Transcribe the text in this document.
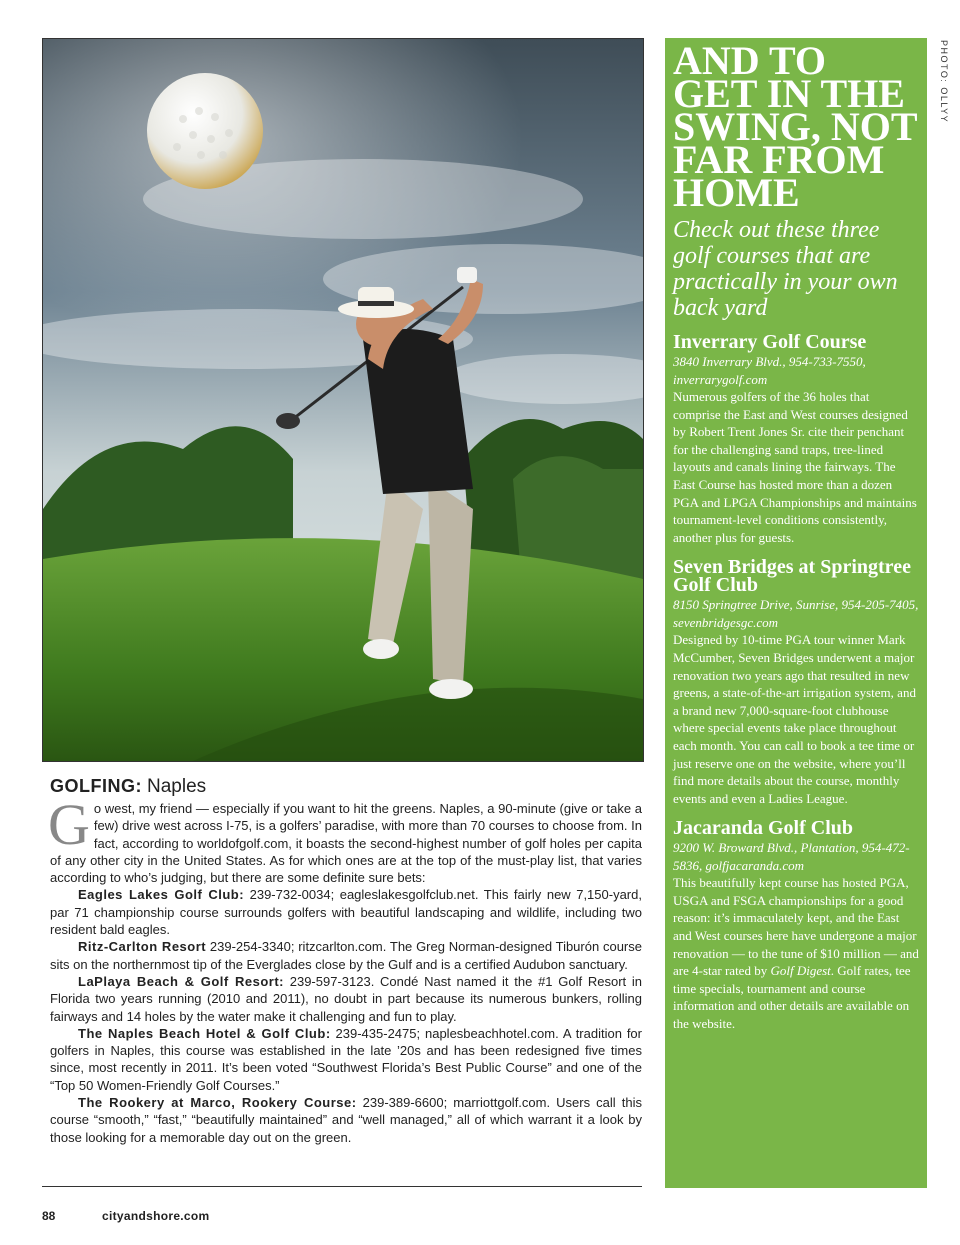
PHOTO: OLLYY
AND TO GET IN THE SWING, NOT FAR FROM HOME

Check out these three golf courses that are practically in your own back yard

Inverrary Golf Course

3840 Inverrary Blvd., 954-733-7550, inverrarygolf.com

Numerous golfers of the 36 holes that comprise the East and West courses designed by Robert Trent Jones Sr. cite their penchant for the challenging sand traps, tree-lined layouts and canals lining the fairways. The East Course has hosted more than a dozen PGA and LPGA Championships and maintains tournament-level conditions consistently, another plus for guests.

Seven Bridges at Springtree Golf Club

8150 Springtree Drive, Sunrise, 954-205-7405, sevenbridgesgc.com

Designed by 10-time PGA tour winner Mark McCumber, Seven Bridges underwent a major renovation two years ago that resulted in new greens, a state-of-the-art irrigation system, and a brand new 7,000-square-foot clubhouse where special events take place throughout each month. You can call to book a tee time or just reserve one on the website, where you’ll find more details about the course, monthly events and even a Ladies League.

Jacaranda Golf Club

9200 W. Broward Blvd., Plantation, 954-472-5836, golfjacaranda.com

This beautifully kept course has hosted PGA, USGA and FSGA championships for a good reason: it’s immaculately kept, and the East and West courses here have undergone a major renovation — to the tune of $10 million — and are 4-star rated by Golf Digest. Golf rates, tee time specials, tournament and course information and other details are available on the website.

GOLFING: Naples

Go west, my friend — especially if you want to hit the greens. Naples, a 90-minute (give or take a few) drive west across I-75, is a golfers’ paradise, with more than 70 courses to choose from. In fact, according to worldofgolf.com, it boasts the second-highest number of golf holes per capita of any other city in the United States. As for which ones are at the top of the must-play list, that varies according to who’s judging, but there are some definite sure bets:

Eagles Lakes Golf Club: 239-732-0034; eagleslakesgolfclub.net. This fairly new 7,150-yard, par 71 championship course surrounds golfers with beautiful landscaping and wildlife, including two resident bald eagles.

Ritz-Carlton Resort 239-254-3340; ritzcarlton.com. The Greg Norman-designed Tiburón course sits on the northernmost tip of the Everglades close by the Gulf and is a certified Audubon sanctuary.

LaPlaya Beach & Golf Resort: 239-597-3123. Condé Nast named it the #1 Golf Resort in Florida two years running (2010 and 2011), no doubt in part because its numerous bunkers, rolling fairways and 14 holes by the water make it challenging and fun to play.

The Naples Beach Hotel & Golf Club: 239-435-2475; naplesbeachhotel.com. A tradition for golfers in Naples, this course was established in the late ’20s and has been redesigned five times since, most recently in 2011. It’s been voted “Southwest Florida’s Best Public Course” and one of the “Top 50 Women-Friendly Golf Courses.”

The Rookery at Marco, Rookery Course: 239-389-6600; marriottgolf.com. Users call this course “smooth,” “fast,” “beautifully maintained” and “well managed,” all of which warrant it a look by those looking for a memorable day out on the green.

88	cityandshore.com
